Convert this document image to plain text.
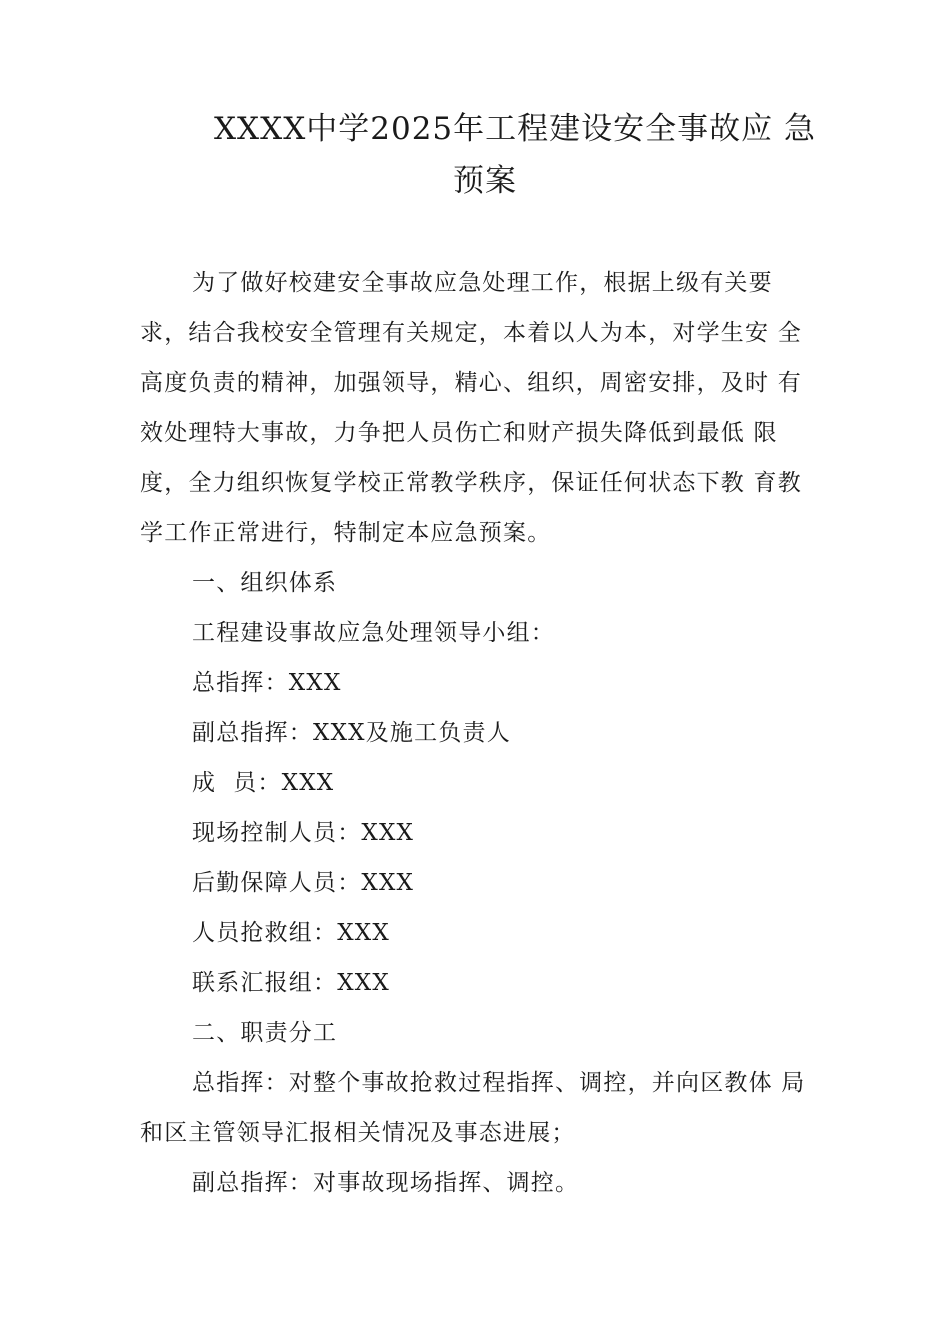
XXXX中学2025年工程建设安全事故应 急
预案

为了做好校建安全事故应急处理工作，根据上级有关要

求，结合我校安全管理有关规定，本着以人为本，对学生安 全

高度负责的精神，加强领导，精心、组织，周密安排，及时 有

效处理特大事故，力争把人员伤亡和财产损失降低到最低 限

度，全力组织恢复学校正常教学秩序，保证任何状态下教 育教

学工作正常进行，特制定本应急预案。

一、组织体系

工程建设事故应急处理领导小组：

总指挥：XXX

副总指挥：XXX及施工负责人

成  员：XXX

现场控制人员：XXX

后勤保障人员：XXX

人员抢救组：XXX

联系汇报组：XXX

二、职责分工

总指挥：对整个事故抢救过程指挥、调控，并向区教体 局

和区主管领导汇报相关情况及事态进展；

副总指挥：对事故现场指挥、调控。
